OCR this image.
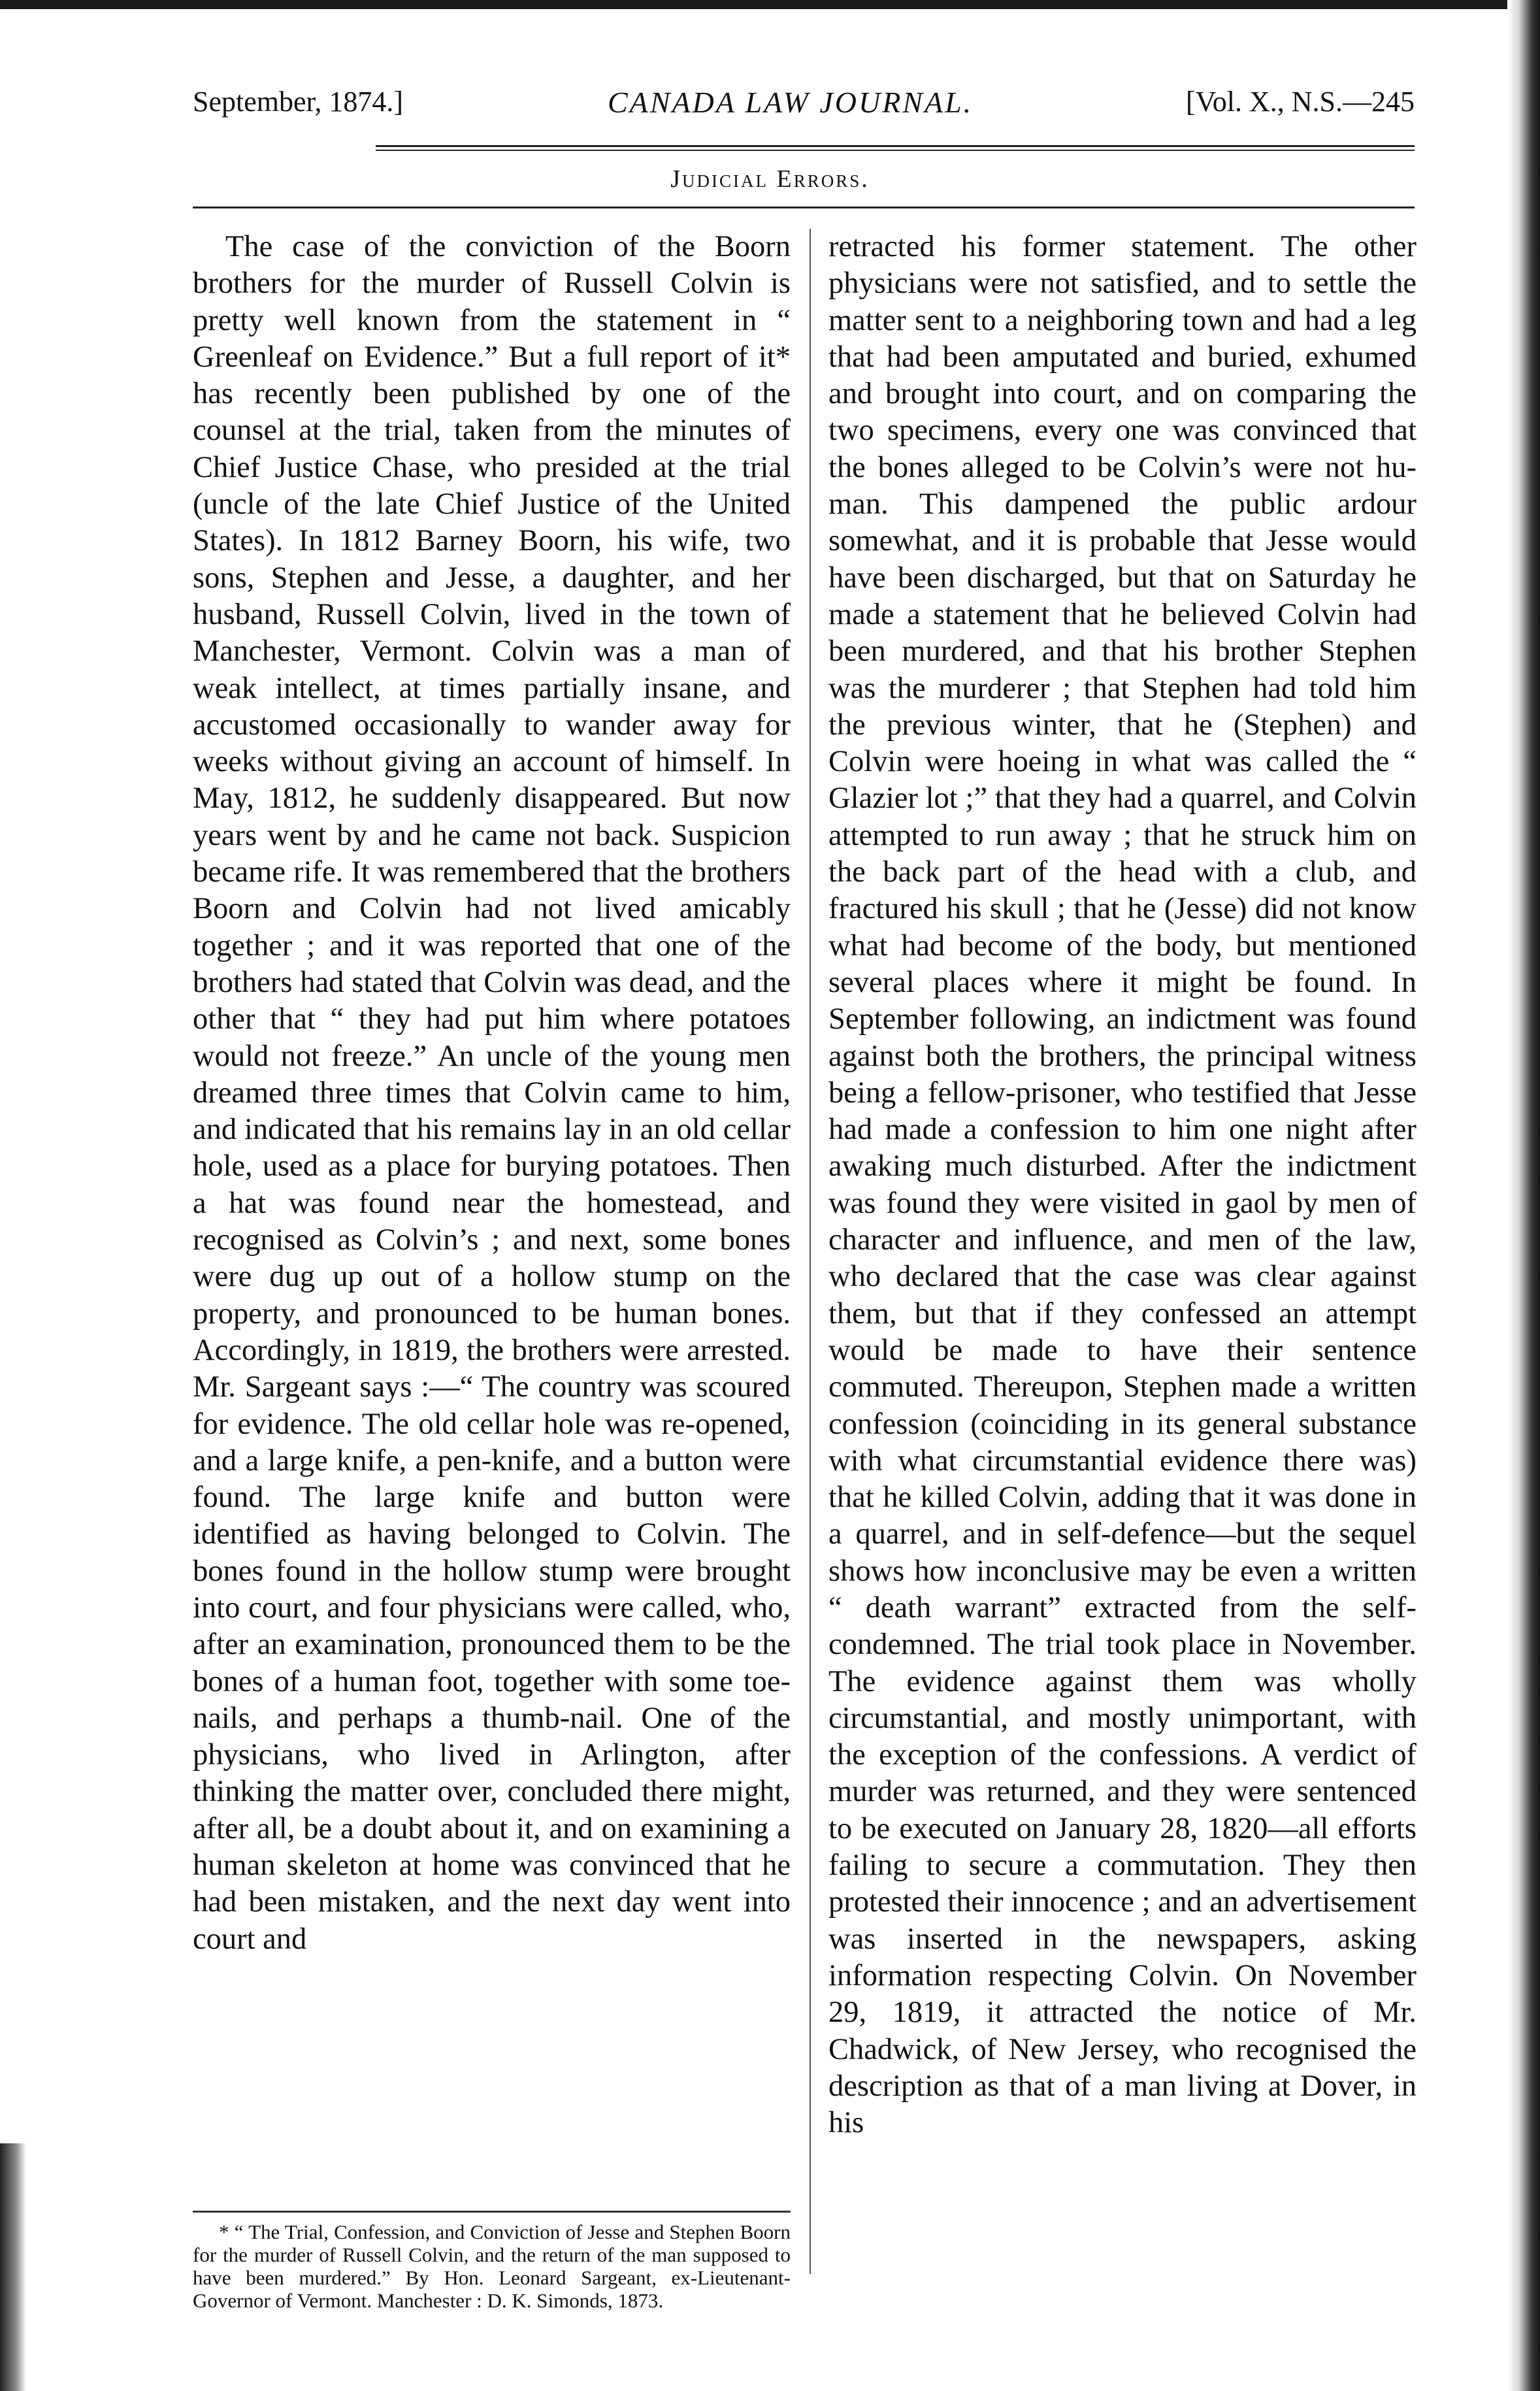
September, 1874.]	CANADA LAW JOURNAL.	[Vol. X., N.S.—245
Judicial Errors.

The case of the conviction of the Boorn brothers for the murder of Russell Colvin is pretty well known from the statement in “ Greenleaf on Evidence.” But a full report of it* has recently been published by one of the counsel at the trial, taken from the minutes of Chief Justice Chase, who presided at the trial (uncle of the late Chief Justice of the United States). In 1812 Barney Boorn, his wife, two sons, Stephen and Jesse, a daughter, and her husband, Russell Colvin, lived in the town of Manchester, Vermont. Colvin was a man of weak intellect, at times partially insane, and accustomed occasionally to wander away for weeks without giving an account of himself. In May, 1812, he suddenly disappeared. But now years went by and he came not back. Suspicion became rife. It was remembered that the brothers Boorn and Colvin had not lived amicably together ; and it was reported that one of the brothers had stated that Colvin was dead, and the other that “ they had put him where potatoes would not freeze.” An uncle of the young men dreamed three times that Colvin came to him, and indicated that his remains lay in an old cellar hole, used as a place for burying potatoes. Then a hat was found near the homestead, and recognised as Colvin’s ; and next, some bones were dug up out of a hollow stump on the property, and pronounced to be human bones. Accordingly, in 1819, the brothers were arrested. Mr. Sargeant says :—“ The country was scoured for evidence. The old cellar hole was re-opened, and a large knife, a pen-knife, and a button were found. The large knife and button were identified as having belonged to Colvin. The bones found in the hollow stump were brought into court, and four physicians were called, who, after an examination, pronounced them to be the bones of a human foot, together with some toe-nails, and perhaps a thumb-nail. One of the physicians, who lived in Arlington, after thinking the matter over, concluded there might, after all, be a doubt about it, and on examining a human skeleton at home was convinced that he had been mistaken, and the next day went into court and

retracted his former statement. The other physicians were not satisfied, and to settle the matter sent to a neighboring town and had a leg that had been amputated and buried, exhumed and brought into court, and on comparing the two specimens, every one was convinced that the bones alleged to be Colvin’s were not human. This dampened the public ardour somewhat, and it is probable that Jesse would have been discharged, but that on Saturday he made a statement that he believed Colvin had been murdered, and that his brother Stephen was the murderer ; that Stephen had told him the previous winter, that he (Stephen) and Colvin were hoeing in what was called the “ Glazier lot ;” that they had a quarrel, and Colvin attempted to run away ; that he struck him on the back part of the head with a club, and fractured his skull ; that he (Jesse) did not know what had become of the body, but mentioned several places where it might be found. In September following, an indictment was found against both the brothers, the principal witness being a fellow-prisoner, who testified that Jesse had made a confession to him one night after awaking much disturbed. After the indictment was found they were visited in gaol by men of character and influence, and men of the law, who declared that the case was clear against them, but that if they confessed an attempt would be made to have their sentence commuted. Thereupon, Stephen made a written confession (coinciding in its general substance with what circumstantial evidence there was) that he killed Colvin, adding that it was done in a quarrel, and in self-defence—but the sequel shows how inconclusive may be even a written “ death warrant” extracted from the self-condemned. The trial took place in November. The evidence against them was wholly circumstantial, and mostly unimportant, with the exception of the confessions. A verdict of murder was returned, and they were sentenced to be executed on January 28, 1820—all efforts failing to secure a commutation. They then protested their innocence ; and an advertisement was inserted in the newspapers, asking information respecting Colvin. On November 29, 1819, it attracted the notice of Mr. Chadwick, of New Jersey, who recognised the description as that of a man living at Dover, in his

* “ The Trial, Confession, and Conviction of Jesse and Stephen Boorn for the murder of Russell Colvin, and the return of the man supposed to have been murdered.” By Hon. Leonard Sargeant, ex-Lieutenant-Governor of Vermont. Manchester : D. K. Simonds, 1873.
